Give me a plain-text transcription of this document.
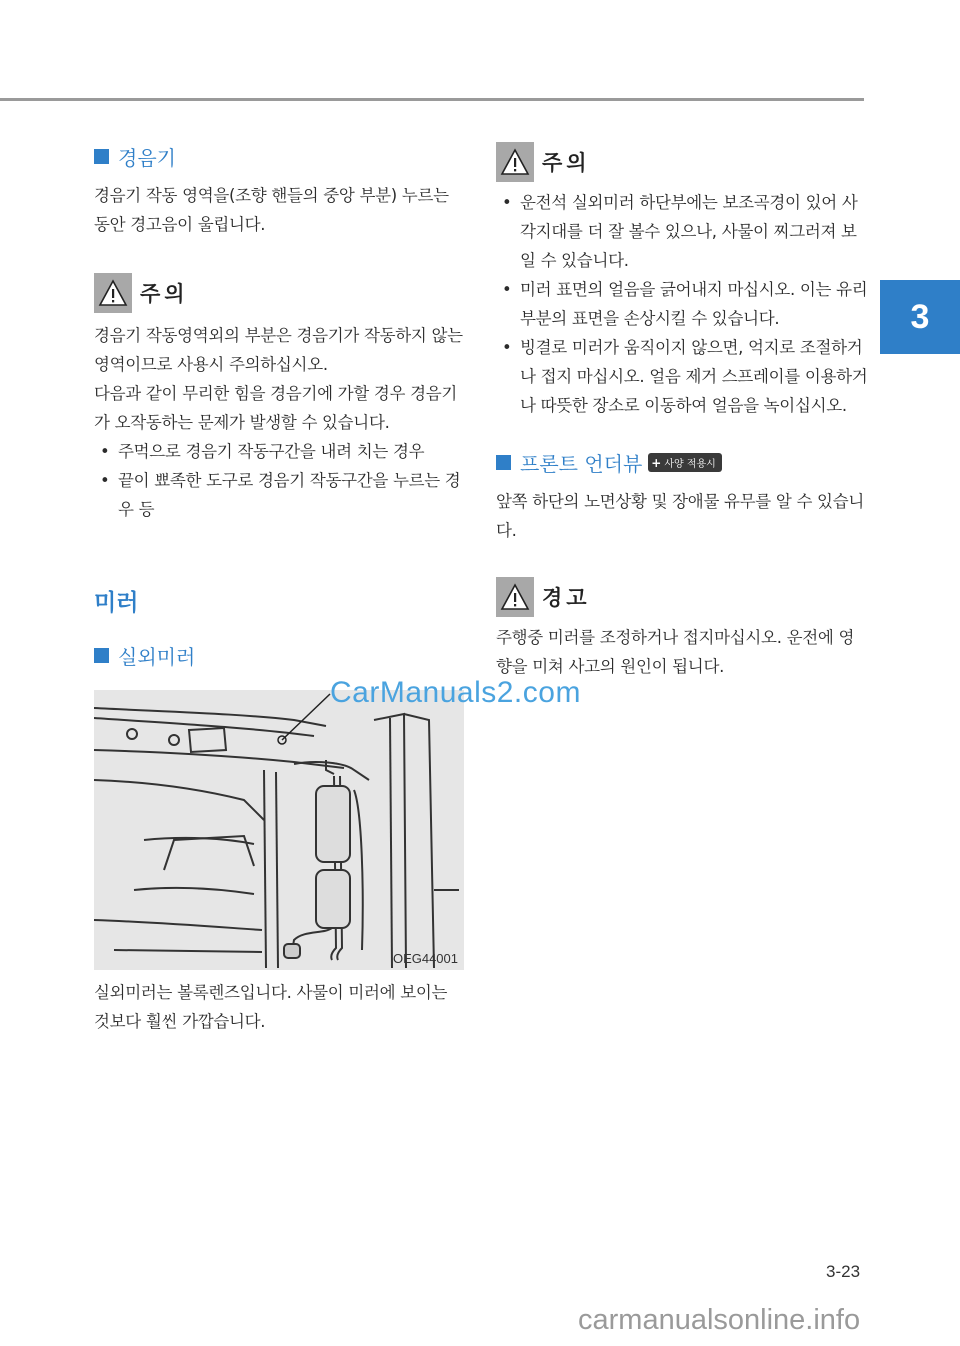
3
경음기

경음기 작동 영역을(조향 핸들의 중앙 부분) 누르는 동안 경고음이 울립니다.

주의

경음기 작동영역외의 부분은 경음기가 작동하지 않는 영역이므로 사용시 주의하십시오.

다음과 같이 무리한 힘을 경음기에 가할 경우 경음기가 오작동하는 문제가 발생할 수 있습니다.

• 주먹으로 경음기 작동구간을 내려 치는 경우
• 끝이 뾰족한 도구로 경음기 작동구간을 누르는 경우 등
미러
실외미러
OEG44001

실외미러는 볼록렌즈입니다. 사물이 미러에 보이는 것보다 훨씬 가깝습니다.

주의
• 운전석 실외미러 하단부에는 보조곡경이 있어 사각지대를 더 잘 볼수 있으나, 사물이 찌그러져 보일 수 있습니다.
• 미러 표면의 얼음을 긁어내지 마십시오. 이는 유리부분의 표면을 손상시킬 수 있습니다.
• 빙결로 미러가 움직이지 않으면, 억지로 조절하거나 접지 마십시오. 얼음 제거 스프레이를 이용하거나 따뜻한 장소로 이동하여 얼음을 녹이십시오.
프론트 언더뷰 + 사양 적용시

앞쪽 하단의 노면상황 및 장애물 유무를 알 수 있습니다.

경고

주행중 미러를 조정하거나 접지마십시오. 운전에 영향을 미쳐 사고의 원인이 됩니다.

CarManuals2.com
3-23
carmanualsonline.info
